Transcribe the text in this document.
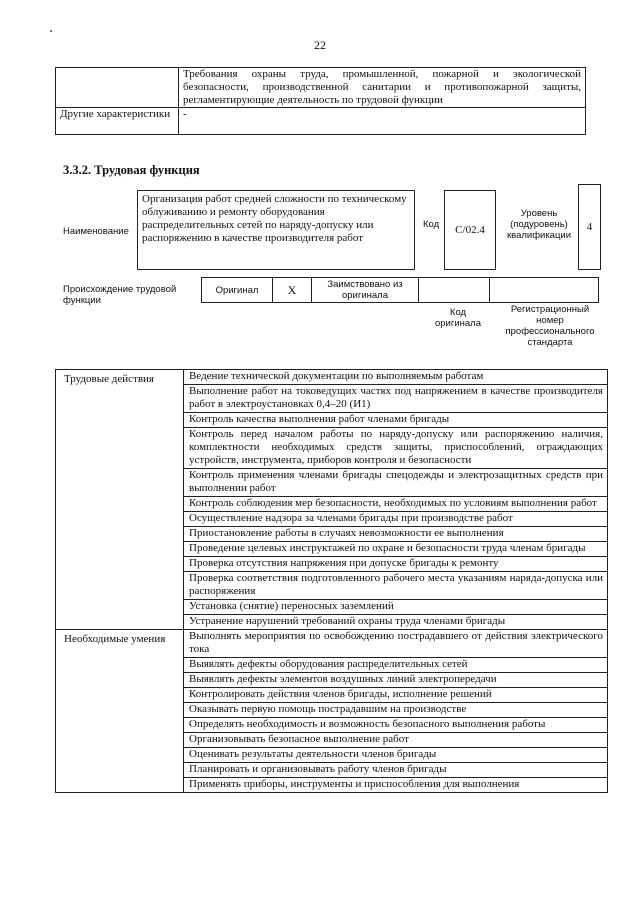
22
	Требования охраны труда, промышленной, пожарной и экологической безопасности, производственной санитарии и противопожарной защиты, регламентирующие деятельность по трудовой функции
Другие характеристики	-
3.3.2. Трудовая функция
Наименование
Организация работ средней сложности по техническому облуживанию и ремонту оборудования распределительных сетей по наряду-допуску или распоряжению в качестве производителя работ
Код	С/02.4
Уровень (подуровень) квалификации
4
Происхождение трудовой функции
Оригинал	X	Заимствовано из оригинала		
Код оригинала
Регистрационный номер профессионального стандарта
Трудовые действия	Ведение технической документации по выполняемым работам
	Выполнение работ на токоведущих частях под напряжением в качестве производителя работ в электроустановках 0,4–20 (И1)
	Контроль качества выполнения работ членами бригады
	Контроль перед началом работы по наряду-допуску или распоряжению наличия, комплектности необходимых средств защиты, приспособлений, ограждающих устройств, инструмента, приборов контроля и безопасности
	Контроль применения членами бригады спецодежды и электрозащитных средств при выполнении работ
	Контроль соблюдения мер безопасности, необходимых по условиям выполнения работ
	Осуществление надзора за членами бригады при производстве работ
	Приостановление работы в случаях невозможности ее выполнения
	Проведение целевых инструктажей по охране и безопасности труда членам бригады
	Проверка отсутствия напряжения при допуске бригады к ремонту
	Проверка соответствия подготовленного рабочего места указаниям наряда-допуска или распоряжения
	Установка (снятие) переносных заземлений
	Устранение нарушений требований охраны труда членами бригады
Необходимые умения	Выполнять мероприятия по освобождению пострадавшего от действия электрического тока
	Выявлять дефекты оборудования распределительных сетей
	Выявлять дефекты элементов воздушных линий электропередачи
	Контролировать действия членов бригады, исполнение решений
	Оказывать первую помощь пострадавшим на производстве
	Определять необходимость и возможность безопасного выполнения работы
	Организовывать безопасное выполнение работ
	Оценивать результаты деятельности членов бригады
	Планировать и организовывать работу членов бригады
	Применять приборы, инструменты и приспособления для выполнения
